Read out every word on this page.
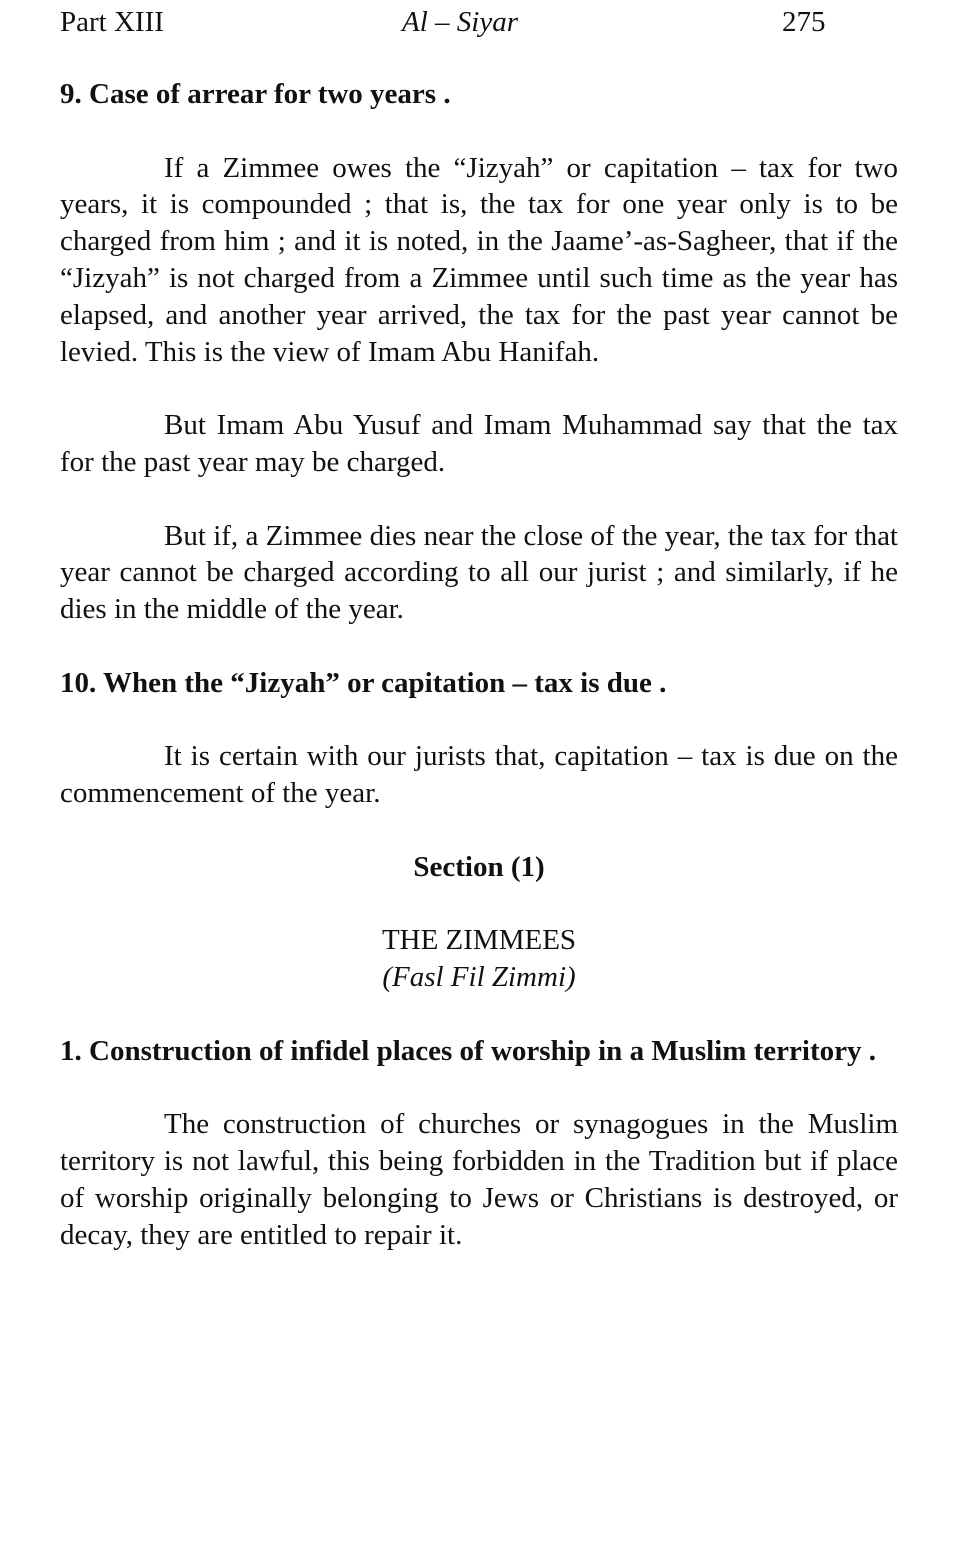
Part XIII	Al – Siyar	275

9. Case of arrear for two years .

If a Zimmee owes the “Jizyah” or capitation – tax for two years, it is compounded ; that is, the tax for one year only is to be charged from him ; and it is noted, in the Jaame’-as-Sagheer, that if the “Jizyah” is not charged from a Zimmee until such time as the year has elapsed, and another year arrived, the tax for the past year cannot be levied. This is the view of Imam Abu Hanifah.

But Imam Abu Yusuf and Imam Muhammad say that the tax for the past year may be charged.

But if, a Zimmee dies near the close of the year, the tax for that year cannot be charged according to all our jurist ; and similarly, if he dies in the middle of the year.

10. When the “Jizyah” or capitation – tax is due .

It is certain with our jurists that, capitation – tax is due on the commencement of the year.

Section (1)

THE ZIMMEES

(Fasl Fil Zimmi)

1. Construction of infidel places of worship in a Muslim territory .

The construction of churches or synagogues in the Muslim territory is not lawful, this being forbidden in the Tradition but if place of worship originally belonging to Jews or Christians is destroyed, or decay, they are entitled to repair it.
